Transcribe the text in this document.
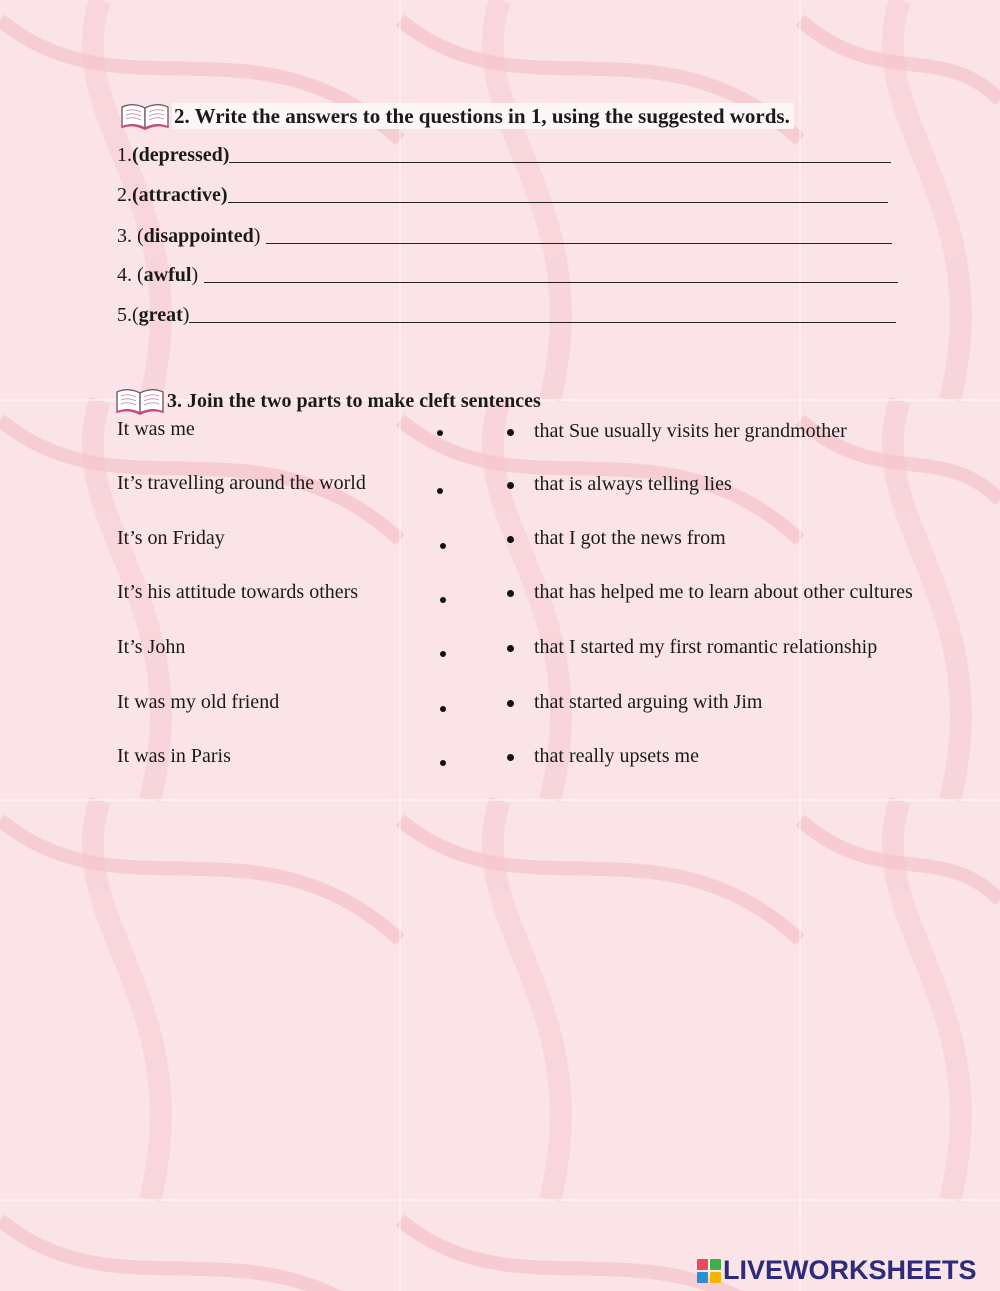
2. Write the answers to the questions in 1, using the suggested words.
1. ( depressed )
2. ( attractive )
3. ( disappointed )
4. ( awful )
5.( great )
3. Join the two parts to make cleft sentences
It was me	that Sue usually visits her grandmother
It’s travelling around the world	that is always telling lies
It’s on Friday	that I got the news from
It’s his attitude towards others	that has helped me to learn about other cultures
It’s John	that I started my first romantic relationship
It was my old friend	that started arguing with Jim
It was in Paris	that really upsets me
LIVEWORKSHEETS
